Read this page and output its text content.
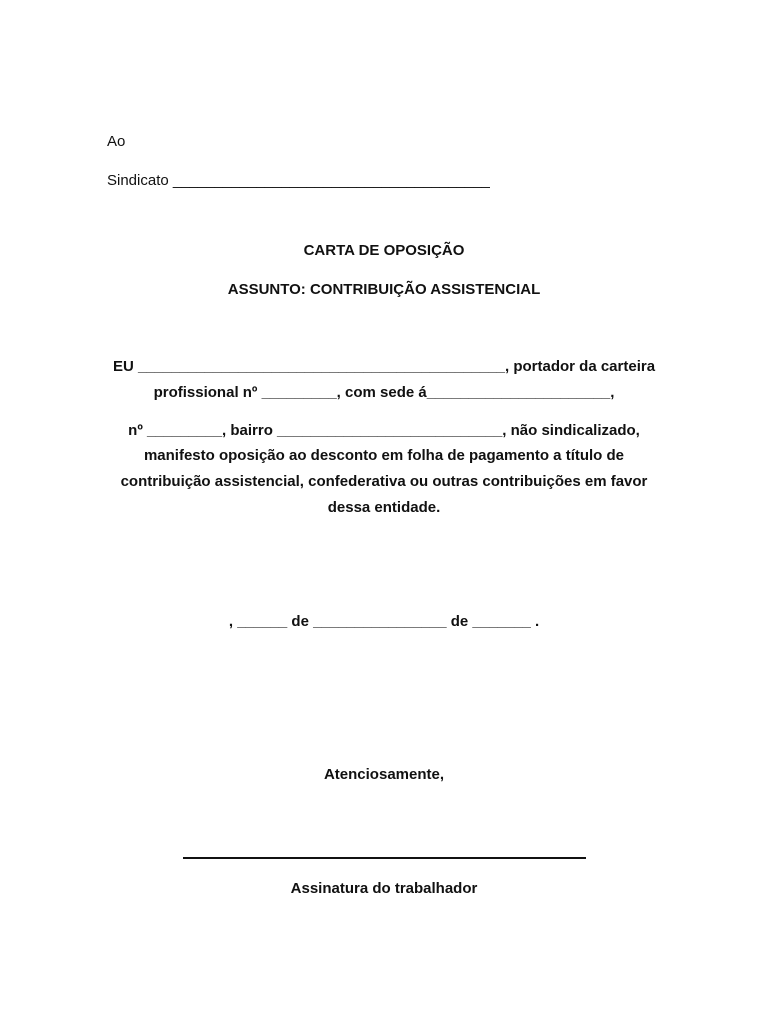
Ao
Sindicato ______________________________________
CARTA DE OPOSIÇÃO
ASSUNTO: CONTRIBUIÇÃO ASSISTENCIAL
EU ____________________________________________, portador da carteira
profissional nº _________, com sede á______________________,
nº _________, bairro ___________________________, não sindicalizado,
manifesto oposição ao desconto em folha de pagamento a título de
contribuição assistencial, confederativa ou outras contribuições em favor
dessa entidade.
, ______ de ________________ de _______ .
Atenciosamente,
Assinatura do trabalhador
